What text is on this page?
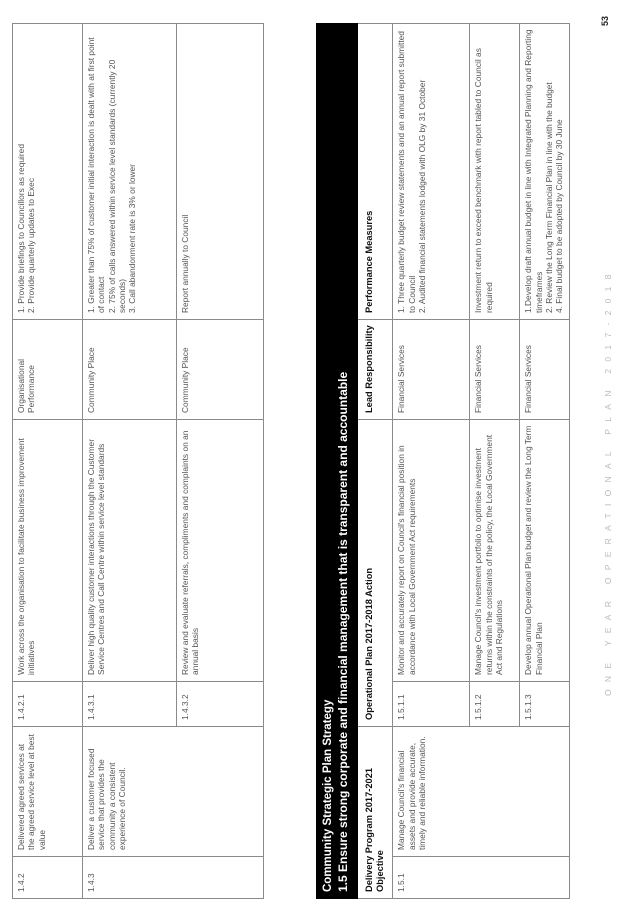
1.4.2	Delivered agreed services at the agreed service level at best value	1.4.2.1	Work across the organisation to facilitate business improvement initiatives	Organisational Performance	1. Provide briefings to Councillors as required 2. Provide quarterly updates to Exec

1.4.3	Deliver a customer focused service that provides the community a consistent experience of Council.	1.4.3.1	Deliver high quality customer interactions through the Customer Service Centres and Call Centre within service level standards	Community Place	1. Greater than 75% of customer initial interaction is dealt with at first point of contact 2. 75% of calls answered within service level standards (currently 20 seconds) 3. Call abandonment rate is 3% or lower

		1.4.3.2	Review and evaluate referrals, compliments and complaints on an annual basis	Community Place	Report annually to Council

Community Strategic Plan Strategy 1.5 Ensure strong corporate and financial management that is transparent and accountable					

Delivery Program 2017-2021 Objective		Operational Plan 2017-2018 Action		Lead Responsibility	Performance Measures
1.5.1	Manage Council's financial assets and provide accurate, timely and reliable information.	1.5.1.1	Monitor and accurately report on Council's financial position in accordance with Local Government Act requirements	Financial Services	1. Three quarterly budget review statements and an annual report submitted to Council 2. Audited financial statements lodged with OLG by 31 October

		1.5.1.2	Manage Council's investment portfolio to optimise investment returns within the constraints of the policy, the Local Government Act and Regulations	Financial Services	Investment return to exceed benchmark with report tabled to Council as required

		1.5.1.3	Develop annual Operational Plan budget and review the Long Term Financial Plan	Financial Services	1.Develop draft annual budget in line with Integrated Planning and Reporting timeframes 2. Review the Long Term Financial Plan in line with the budget 4. Final budget to be adopted by Council by 30 June

ONE YEAR OPERATIONAL PLAN 2017-2018
53
